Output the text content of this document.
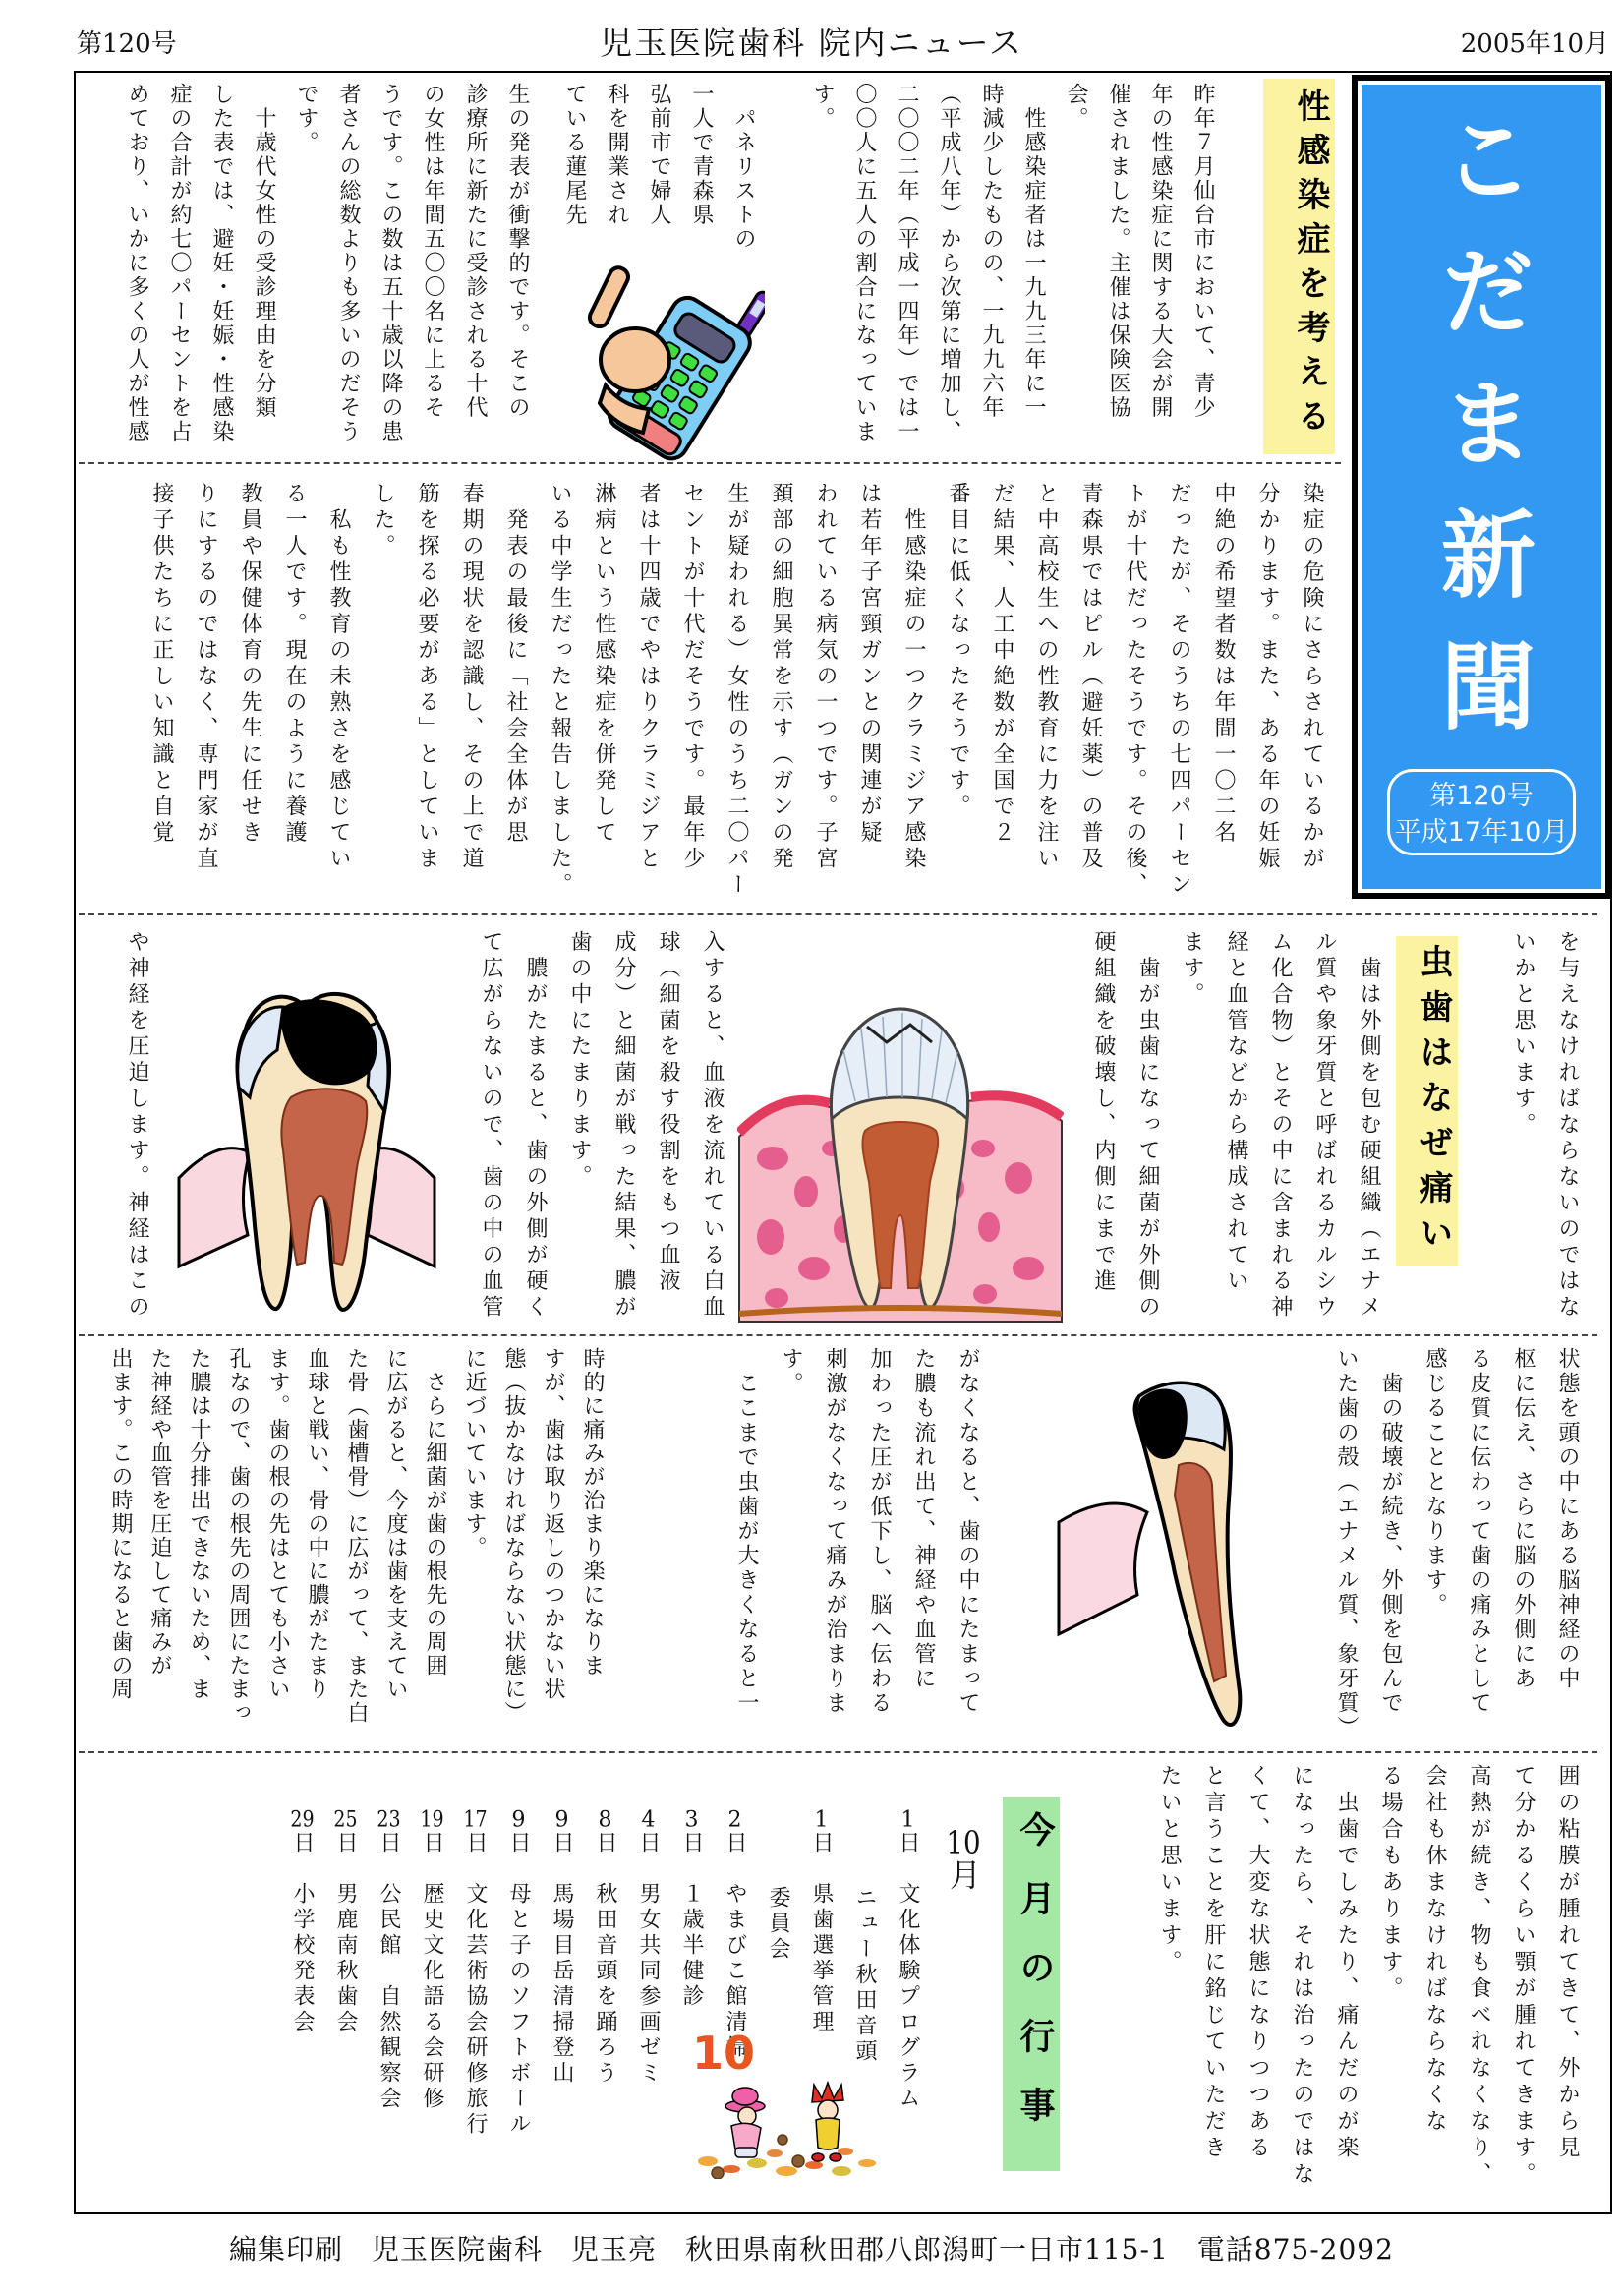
第120号	児玉医院歯科 院内ニュース	2005年10月
こだま新聞
第120号
平成17年10月
性感染症を考える
昨年７月仙台市において、青少
年の性感染症に関する大会が開
催されました。主催は保険医協
会。
　性感染症者は一九九三年に一
時減少したものの、一九九六年
（平成八年）から次第に増加し、
二〇〇二年（平成一四年）では一
〇〇人に五人の割合になっていま
す。
　パネリストの
一人で青森県
弘前市で婦人
科を開業され
ている蓮尾先
生の発表が衝撃的です。そこの
診療所に新たに受診される十代
の女性は年間五〇〇名に上るそ
うです。この数は五十歳以降の患
者さんの総数よりも多いのだそう
です。
　十歳代女性の受診理由を分類
した表では、避妊・妊娠・性感染
症の合計が約七〇パーセントを占
めており、いかに多くの人が性感
染症の危険にさらされているかが
分かります。また、ある年の妊娠
中絶の希望者数は年間一〇二名
だったが、そのうちの七四パーセン
トが十代だったそうです。その後、
青森県ではピル（避妊薬）の普及
と中高校生への性教育に力を注い
だ結果、人工中絶数が全国で２
番目に低くなったそうです。
　性感染症の一つクラミジア感染
は若年子宮頸ガンとの関連が疑
われている病気の一つです。子宮
頚部の細胞異常を示す（ガンの発
生が疑われる）女性のうち二〇パー
セントが十代だそうです。最年少
者は十四歳でやはりクラミジアと
淋病という性感染症を併発して
いる中学生だったと報告しました。
　発表の最後に「社会全体が思
春期の現状を認識し、その上で道
筋を探る必要がある」としていま
した。
　私も性教育の未熟さを感じてい
る一人です。現在のように養護
教員や保健体育の先生に任せき
りにするのではなく、専門家が直
接子供たちに正しい知識と自覚
を与えなければならないのではな
いかと思います。
虫歯はなぜ痛い
　歯は外側を包む硬組織（エナメ
ル質や象牙質と呼ばれるカルシウ
ム化合物）とその中に含まれる神
経と血管などから構成されてい
ます。
　歯が虫歯になって細菌が外側の
硬組織を破壊し、内側にまで進
入すると、血液を流れている白血
球（細菌を殺す役割をもつ血液
成分）と細菌が戦った結果、膿が
歯の中にたまります。
　膿がたまると、歯の外側が硬く
て広がらないので、歯の中の血管
や神経を圧迫します。神経はこの
状態を頭の中にある脳神経の中
枢に伝え、さらに脳の外側にあ
る皮質に伝わって歯の痛みとして
感じることとなります。
　歯の破壊が続き、外側を包んで
いた歯の殻（エナメル質、象牙質）
がなくなると、歯の中にたまって
た膿も流れ出て、神経や血管に
加わった圧が低下し、脳へ伝わる
刺激がなくなって痛みが治まりま
す。
　ここまで虫歯が大きくなると一
時的に痛みが治まり楽になりま
すが、歯は取り返しのつかない状
態（抜かなければならない状態に）
に近づいています。
　さらに細菌が歯の根先の周囲
に広がると、今度は歯を支えてい
た骨（歯槽骨）に広がって、また白
血球と戦い、骨の中に膿がたまり
ます。歯の根の先はとても小さい
孔なので、歯の根先の周囲にたまっ
た膿は十分排出できないため、ま
た神経や血管を圧迫して痛みが
出ます。この時期になると歯の周
囲の粘膜が腫れてきて、外から見
て分かるくらい顎が腫れてきます。
高熱が続き、物も食べれなくなり、
会社も休まなければならなくな
る場合もあります。
　虫歯でしみたり、痛んだのが楽
になったら、それは治ったのではな
くて、大変な状態になりつつある
と言うことを肝に銘じていただき
たいと思います。
今月の行事
10月
1日　文化体験プログラム
　　　ニュー秋田音頭
1日　県歯選挙管理
　　　委員会
2日　やまびこ館清掃
3日　１歳半健診
4日　男女共同参画ゼミ
8日　秋田音頭を踊ろう
9日　馬場目岳清掃登山
9日　母と子のソフトボール
17日　文化芸術協会研修旅行
19日　歴史文化語る会研修
23日　公民館　自然観察会
25日　男鹿南秋歯会
29日　小学校発表会
10
編集印刷　児玉医院歯科　児玉亮　秋田県南秋田郡八郎潟町一日市115-1　電話875-2092
